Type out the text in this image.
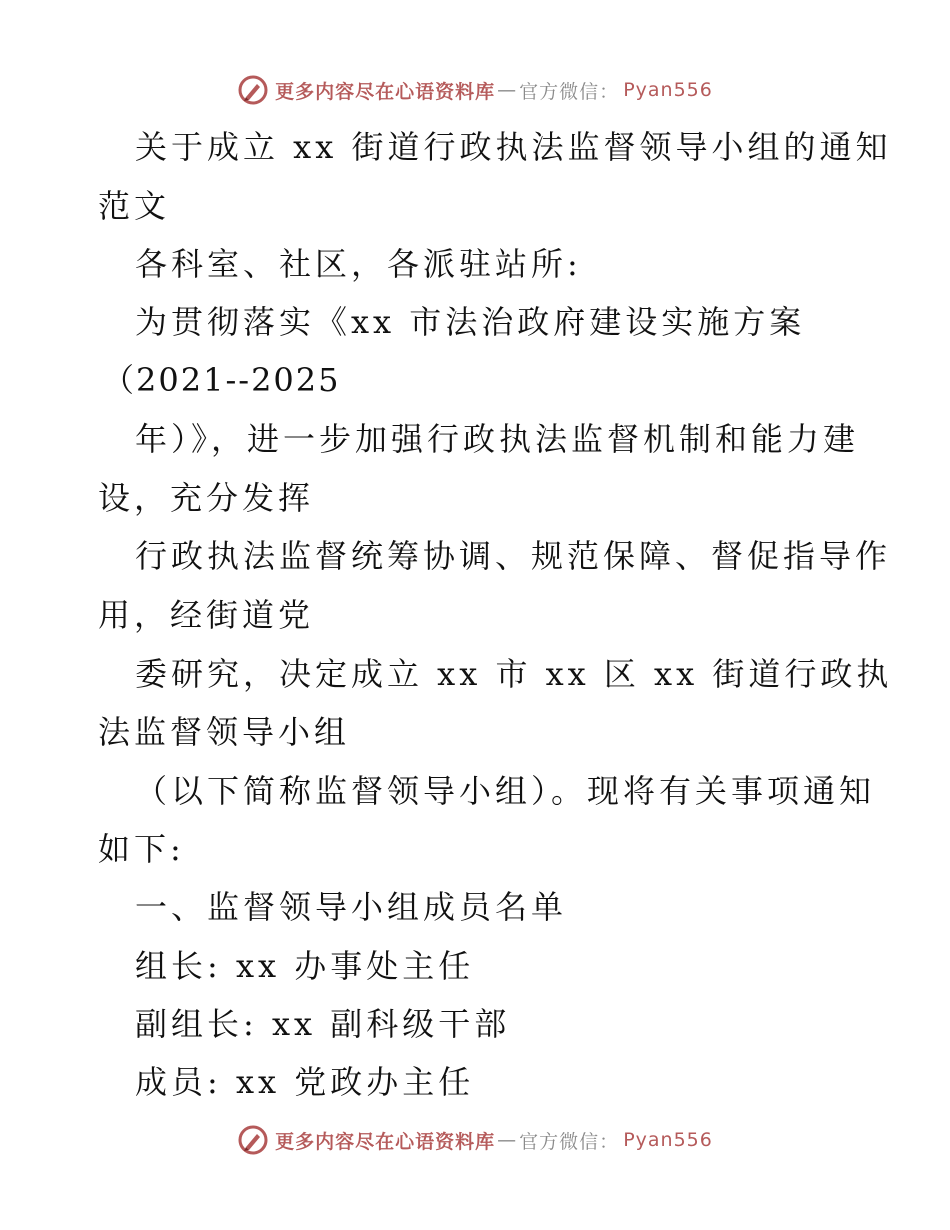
更多内容尽在心语资料库 — 官方微信： Pyan556
关于成立 xx 街道行政执法监督领导小组的通知
范文
各科室、社区，各派驻站所:
为贯彻落实《xx 市法治政府建设实施方案
（2021--2025
年）》，进一步加强行政执法监督机制和能力建
设，充分发挥
行政执法监督统筹协调、规范保障、督促指导作
用，经街道党
委研究，决定成立 xx 市 xx 区 xx 街道行政执
法监督领导小组
（以下简称监督领导小组）。现将有关事项通知
如下:
一、监督领导小组成员名单
组长: xx 办事处主任
副组长: xx 副科级干部
成员: xx 党政办主任
更多内容尽在心语资料库 — 官方微信： Pyan556
